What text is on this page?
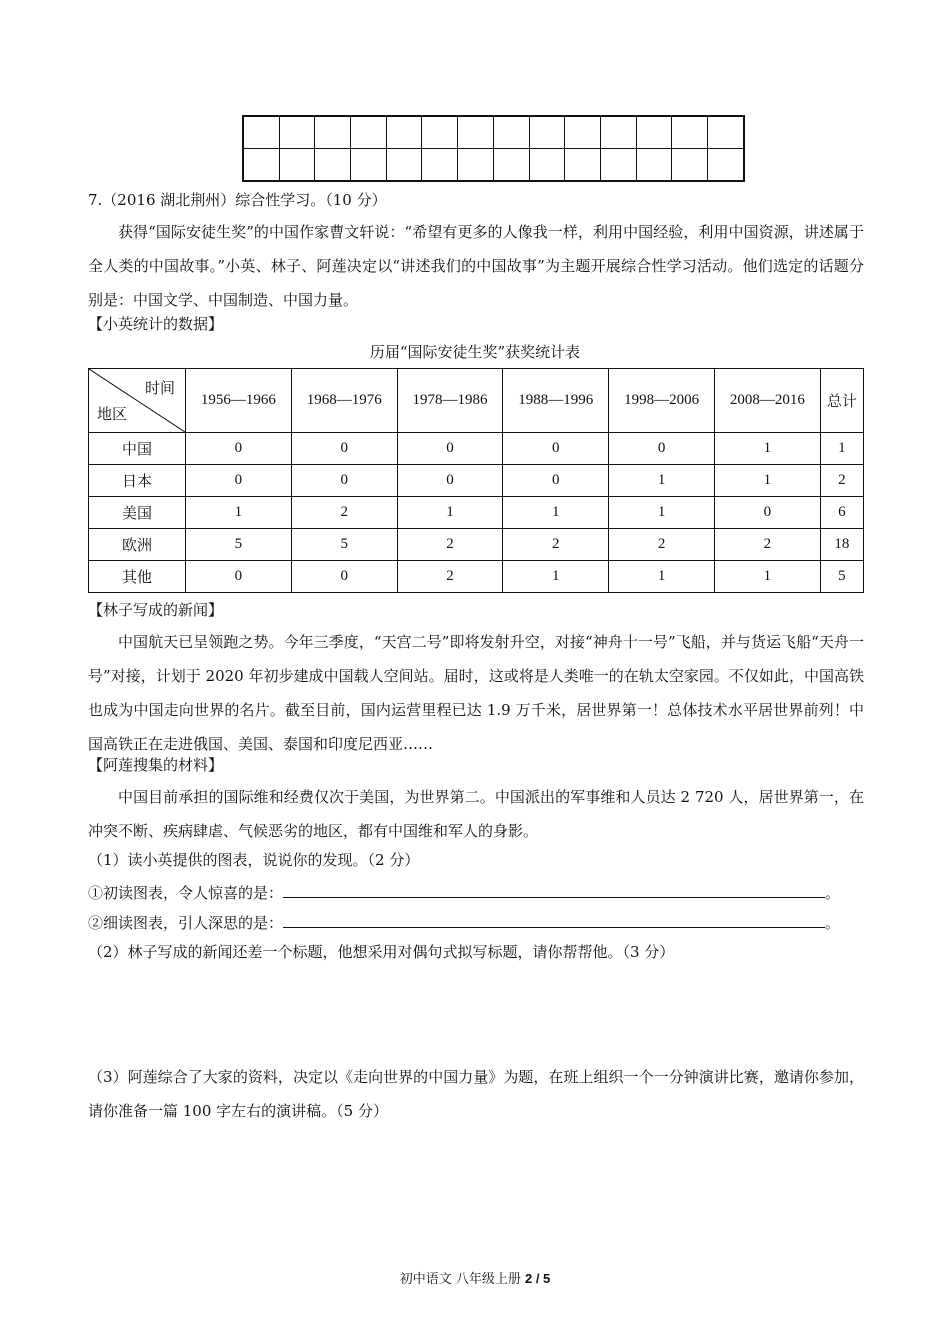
7.（2016 湖北荆州）综合性学习。（10 分）

获得“国际安徒生奖”的中国作家曹文轩说：“希望有更多的人像我一样，利用中国经验，利用中国资源，讲述属于全人类的中国故事。”小英、林子、阿莲决定以“讲述我们的中国故事”为主题开展综合性学习活动。他们选定的话题分别是：中国文学、中国制造、中国力量。

【小英统计的数据】
历届“国际安徒生奖”获奖统计表
时间
地区	1956—1966	1968—1976	1978—1986	1988—1996	1998—2006	2008—2016	总计
中国	0	0	0	0	0	1	1
日本	0	0	0	0	1	1	2
美国	1	2	1	1	1	0	6
欧洲	5	5	2	2	2	2	18
其他	0	0	2	1	1	1	5
【林子写成的新闻】

中国航天已呈领跑之势。今年三季度，“天宫二号”即将发射升空，对接“神舟十一号”飞船，并与货运飞船“天舟一号”对接，计划于 2020 年初步建成中国载人空间站。届时，这或将是人类唯一的在轨太空家园。不仅如此，中国高铁也成为中国走向世界的名片。截至目前，国内运营里程已达 1.9 万千米，居世界第一！总体技术水平居世界前列！中国高铁正在走进俄国、美国、泰国和印度尼西亚……

【阿莲搜集的材料】

中国目前承担的国际维和经费仅次于美国，为世界第二。中国派出的军事维和人员达 2 720 人，居世界第一，在冲突不断、疾病肆虐、气候恶劣的地区，都有中国维和军人的身影。

（1）读小英提供的图表，说说你的发现。（2 分）
①初读图表，令人惊喜的是：	。
②细读图表，引人深思的是：	。
（2）林子写成的新闻还差一个标题，他想采用对偶句式拟写标题，请你帮帮他。（3 分）

（3）阿莲综合了大家的资料，决定以《走向世界的中国力量》为题，在班上组织一个一分钟演讲比赛，邀请你参加，请你准备一篇 100 字左右的演讲稿。（5 分）

初中语文 八年级上册 2 / 5
